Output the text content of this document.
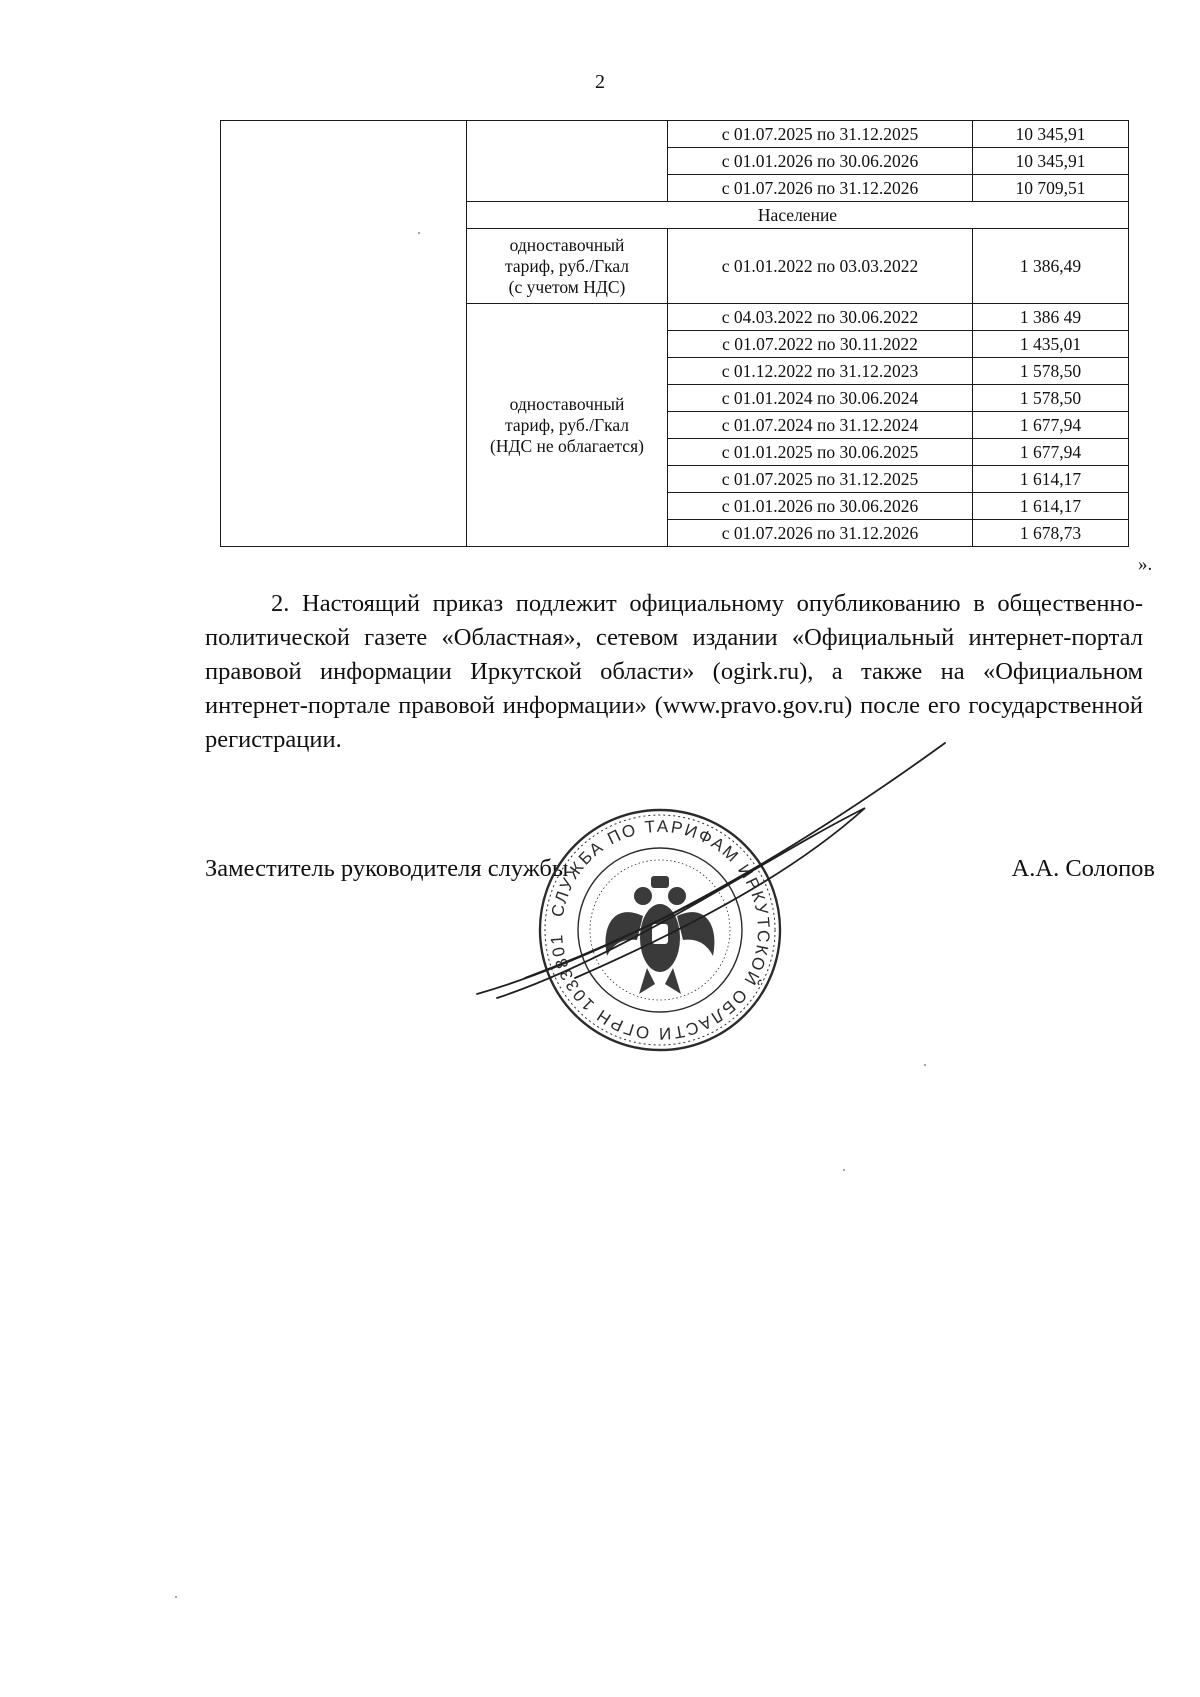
2
		с 01.07.2025 по 31.12.2025	10 345,91
		с 01.01.2026 по 30.06.2026	10 345,91
		с 01.07.2026 по 31.12.2026	10 709,51
	Население		

	одноставочный
тариф, руб./Гкал
(с учетом НДС)	с 01.01.2022 по 03.03.2022	1 386,49

	одноставочный
тариф, руб./Гкал
(НДС не облагается)	с 04.03.2022 по 30.06.2022	1 386 49
		с 01.07.2022 по 30.11.2022	1 435,01
		с 01.12.2022 по 31.12.2023	1 578,50
		с 01.01.2024 по 30.06.2024	1 578,50
		с 01.07.2024 по 31.12.2024	1 677,94
		с 01.01.2025 по 30.06.2025	1 677,94
		с 01.07.2025 по 31.12.2025	1 614,17
		с 01.01.2026 по 30.06.2026	1 614,17
		с 01.07.2026 по 31.12.2026	1 678,73
».
2. Настоящий приказ подлежит официальному опубликованию в общественно-политической газете «Областная», сетевом издании «Официальный интернет-портал правовой информации Иркутской области» (ogirk.ru), а также на «Официальном интернет-портале правовой информации» (www.pravo.gov.ru) после его государственной регистрации.
Заместитель руководителя службы	А.А. Солопов
СЛУЖБА ПО ТАРИФАМ ИРКУТСКОЙ ОБЛАСТИ ОГРН 1033801025092
